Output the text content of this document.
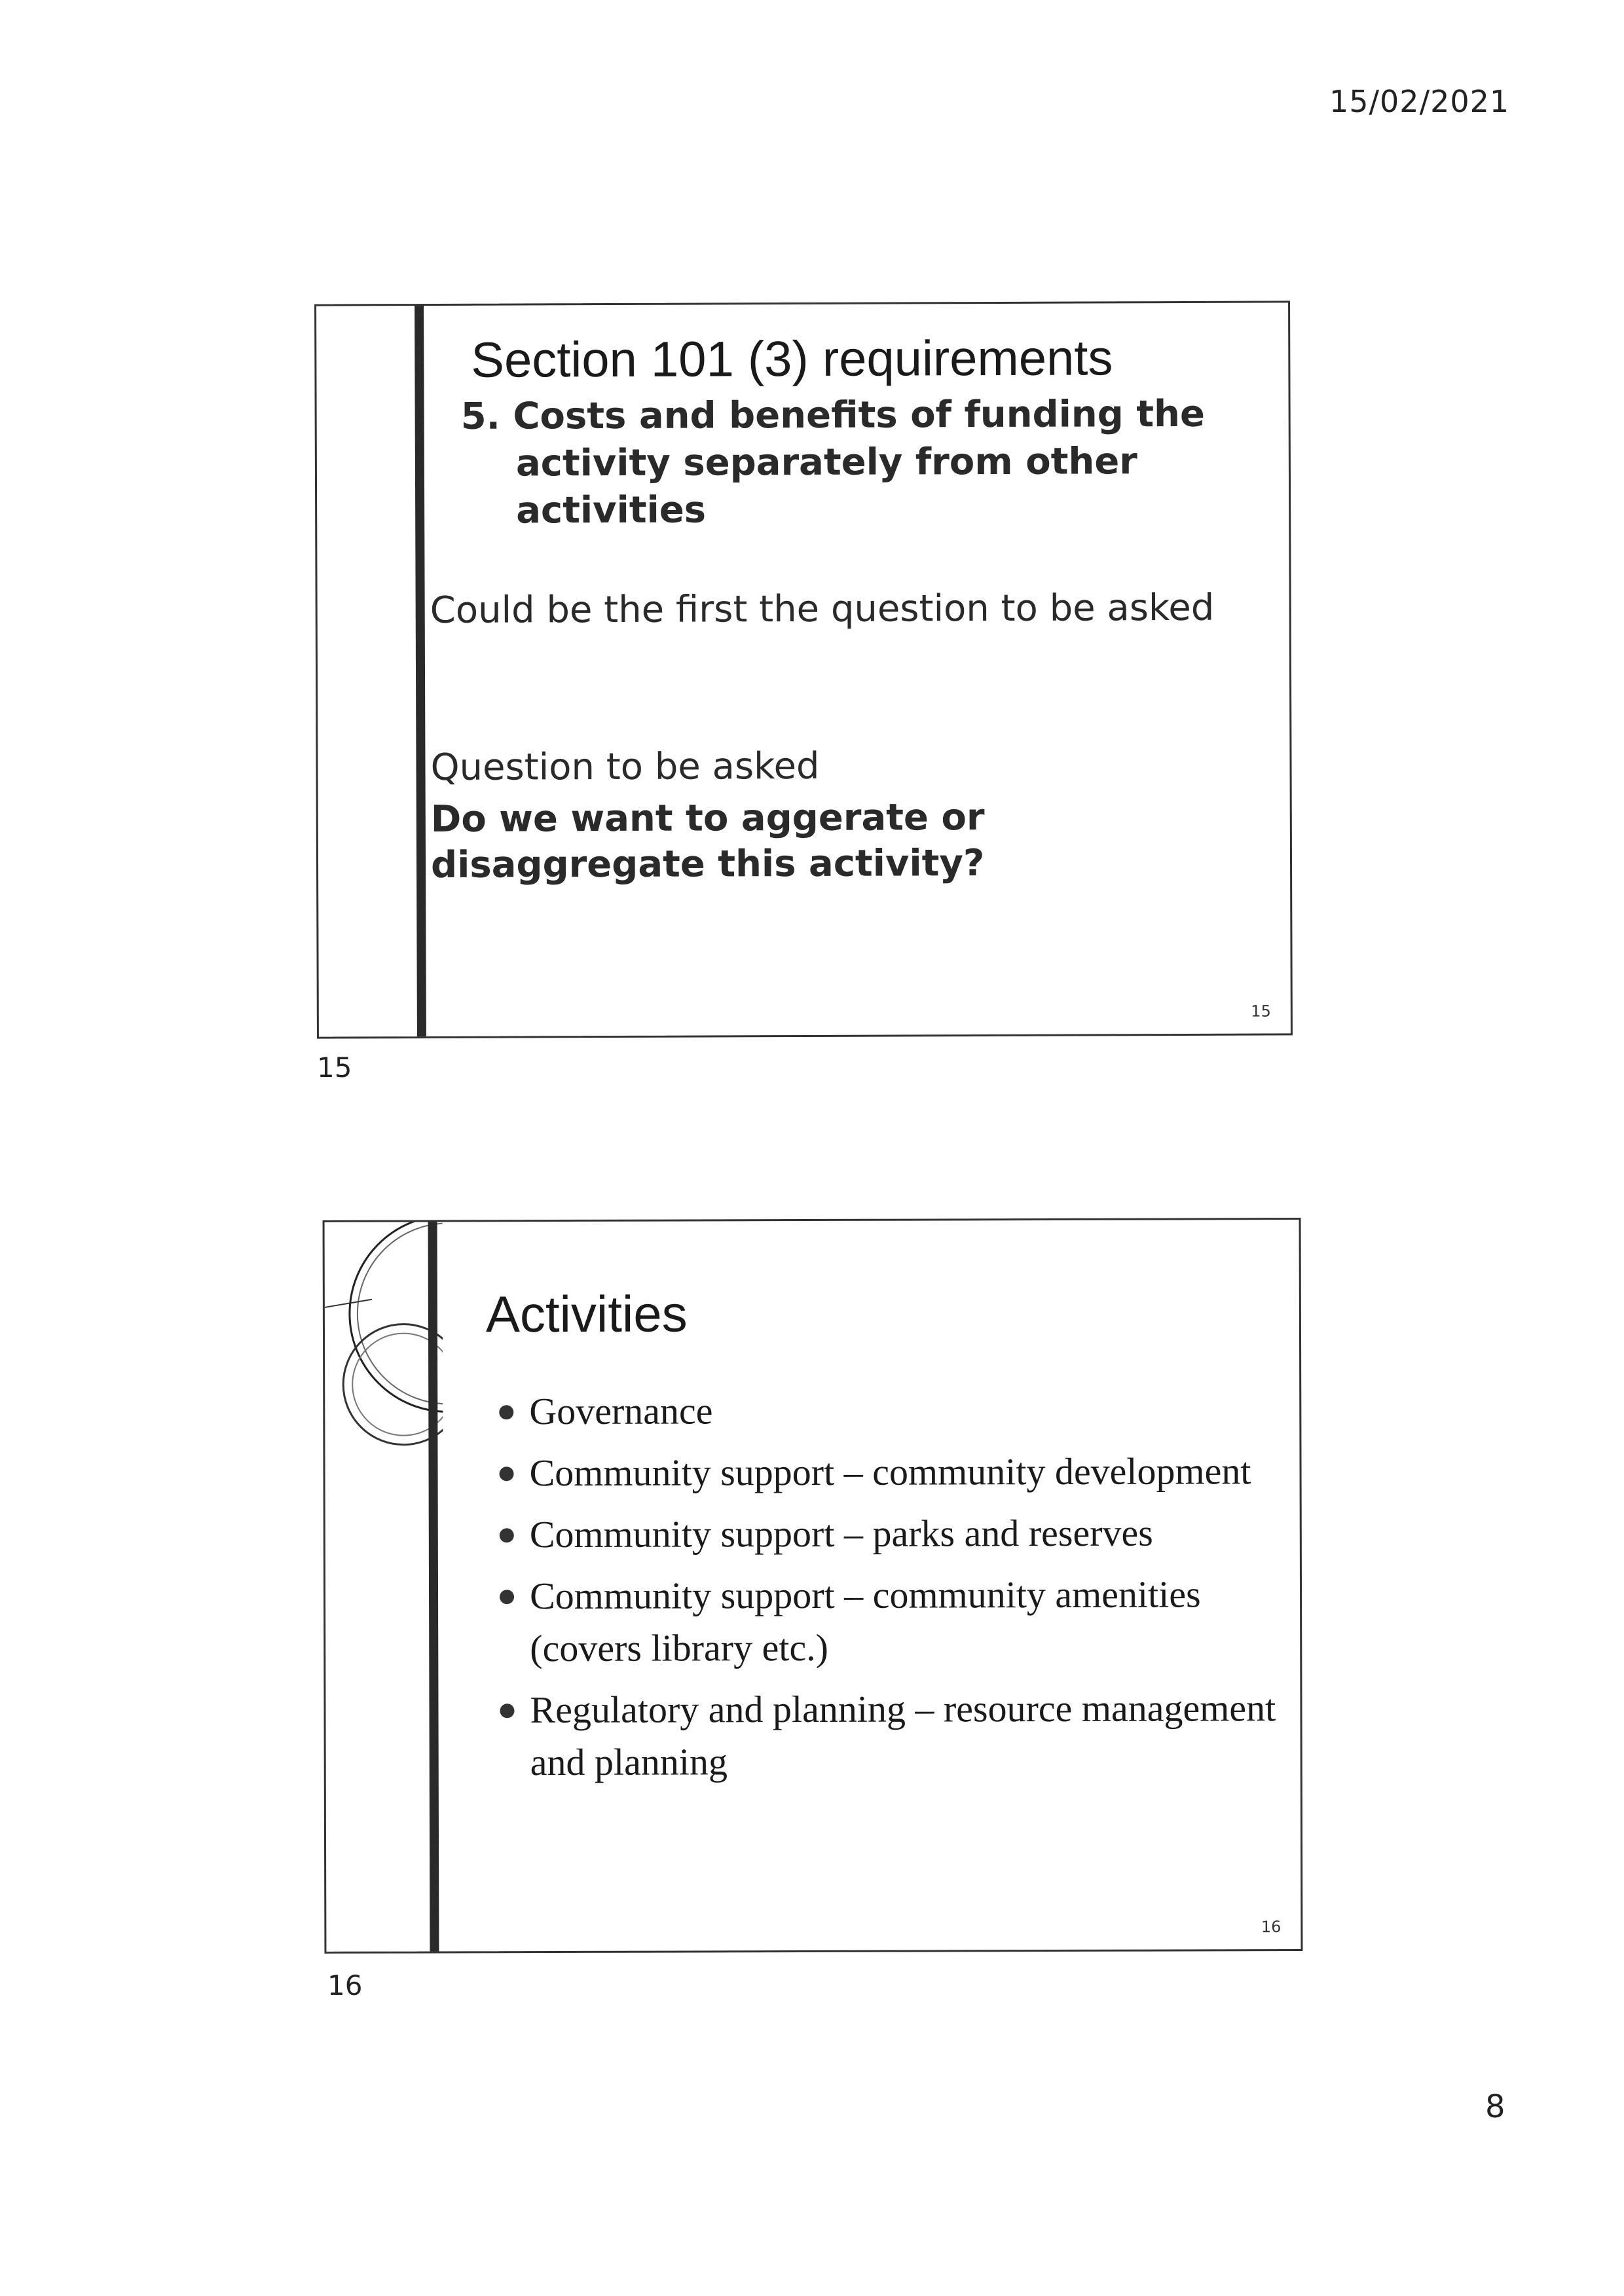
15/02/2021
Section 101 (3) requirements

5. Costs and benefits of funding the activity separately from other activities

Could be the first the question to be asked

Question to be asked

Do we want to aggerate or disaggregate this activity?

15
15
Activities
Governance
Community support – community development
Community support – parks and reserves
Community support – community amenities (covers library etc.)
Regulatory and planning – resource management and planning
16
16
8
